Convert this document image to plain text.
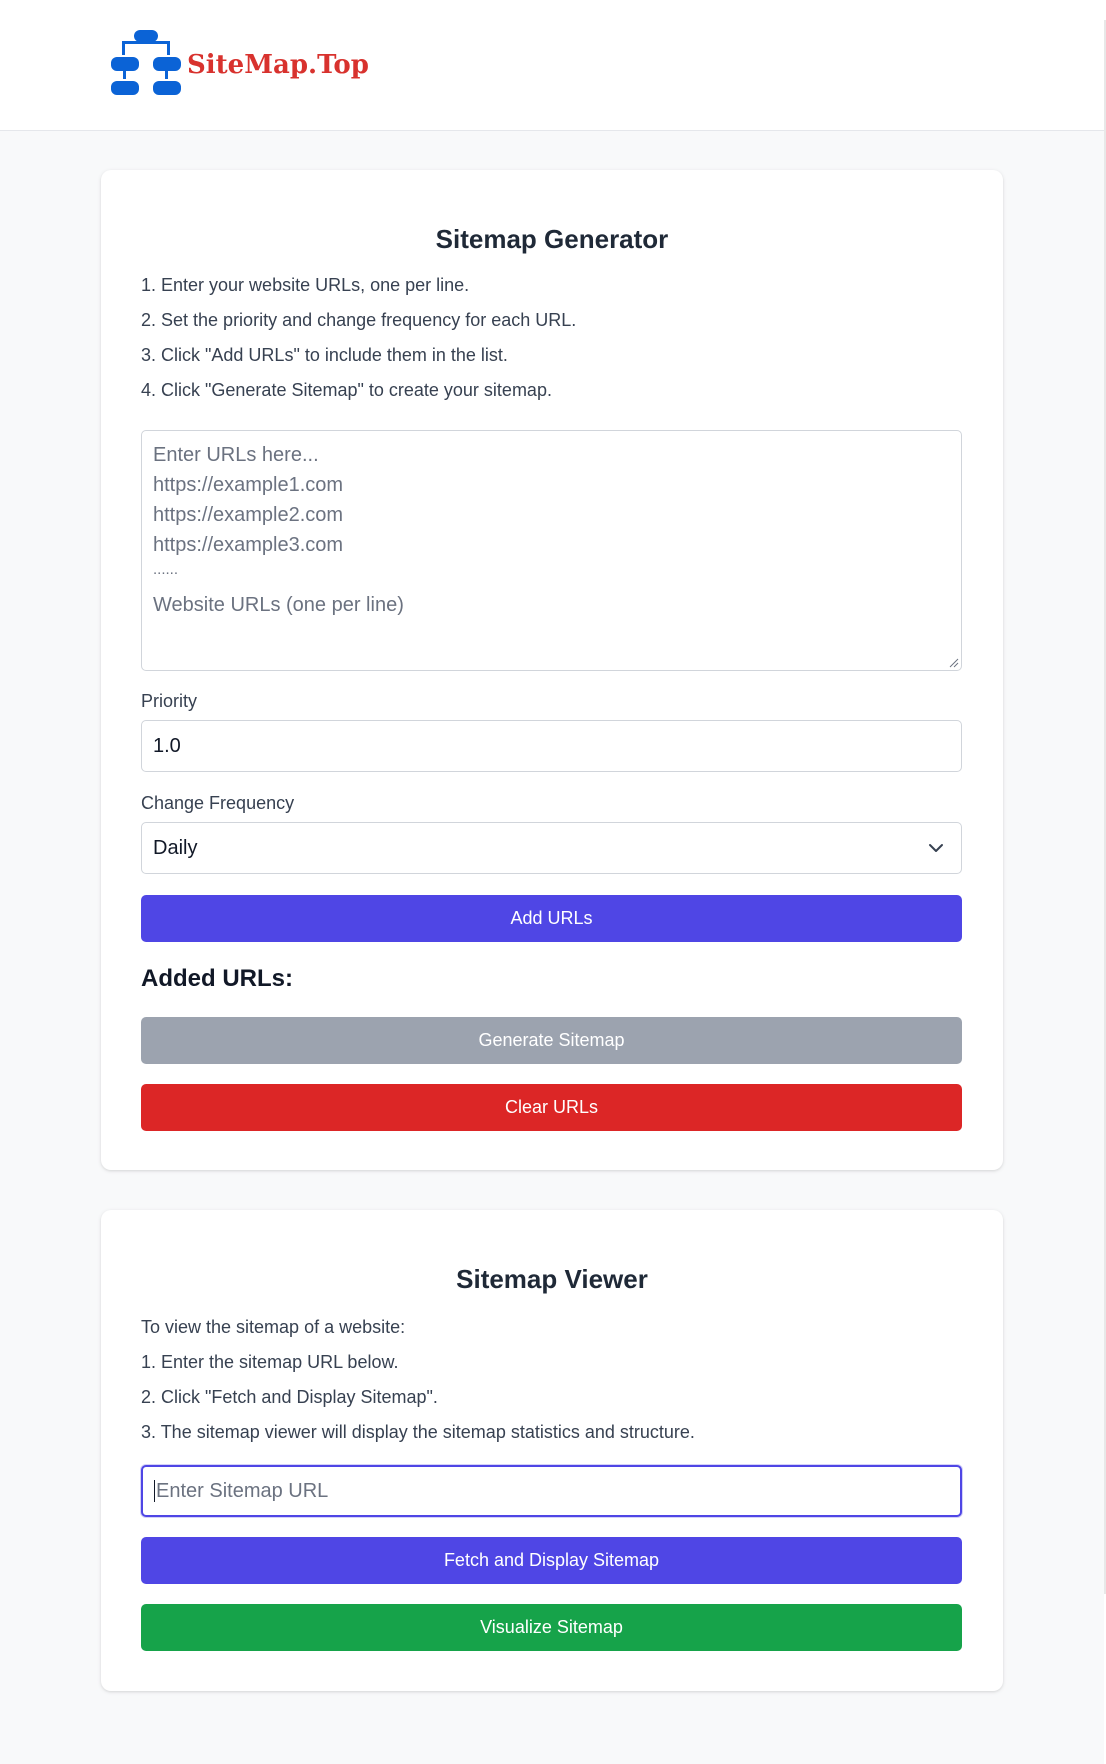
SiteMap.Top
Sitemap Generator
1. Enter your website URLs, one per line.
2. Set the priority and change frequency for each URL.
3. Click "Add URLs" to include them in the list.
4. Click "Generate Sitemap" to create your sitemap.
Enter URLs here...
https://example1.com
https://example2.com
https://example3.com
......
Website URLs (one per line)
Priority
1.0
Change Frequency
Daily
Add URLs
Added URLs:
Generate Sitemap
Clear URLs
Sitemap Viewer
To view the sitemap of a website:
1. Enter the sitemap URL below.
2. Click "Fetch and Display Sitemap".
3. The sitemap viewer will display the sitemap statistics and structure.
Enter Sitemap URL
Fetch and Display Sitemap
Visualize Sitemap
